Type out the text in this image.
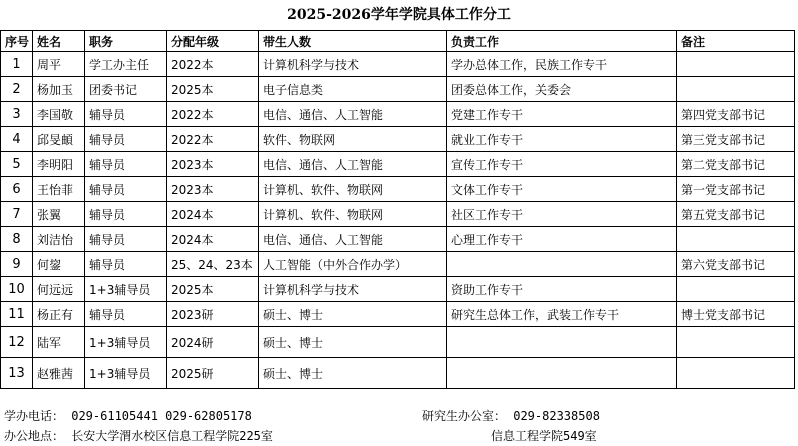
2025-2026学年学院具体工作分工
序号	姓名	职务	分配年级	带生人数	负责工作	备注
1	周平	学工办主任	2022本	计算机科学与技术	学办总体工作，民族工作专干	
2	杨加玉	团委书记	2025本	电子信息类	团委总体工作，关委会	
3	李国敬	辅导员	2022本	电信、通信、人工智能	党建工作专干	第四党支部书记
4	邱旻頔	辅导员	2022本	软件、物联网	就业工作专干	第三党支部书记
5	李明阳	辅导员	2023本	电信、通信、人工智能	宣传工作专干	第二党支部书记
6	王怡菲	辅导员	2023本	计算机、软件、物联网	文体工作专干	第一党支部书记
7	张翼	辅导员	2024本	计算机、软件、物联网	社区工作专干	第五党支部书记
8	刘洁怡	辅导员	2024本	电信、通信、人工智能	心理工作专干	
9	何鋆	辅导员	25、24、23本	人工智能（中外合作办学）		第六党支部书记
10	何远远	1+3辅导员	2025本	计算机科学与技术	资助工作专干	
11	杨正有	辅导员	2023研	硕士、博士	研究生总体工作，武装工作专干	博士党支部书记
12	陆军	1+3辅导员	2024研	硕士、博士		
13	赵雅茜	1+3辅导员	2025研	硕士、博士		
学办电话： 029-61105441 029-62805178	研究生办公室： 029-82338508
办公地点： 长安大学渭水校区信息工程学院225室	信息工程学院549室
